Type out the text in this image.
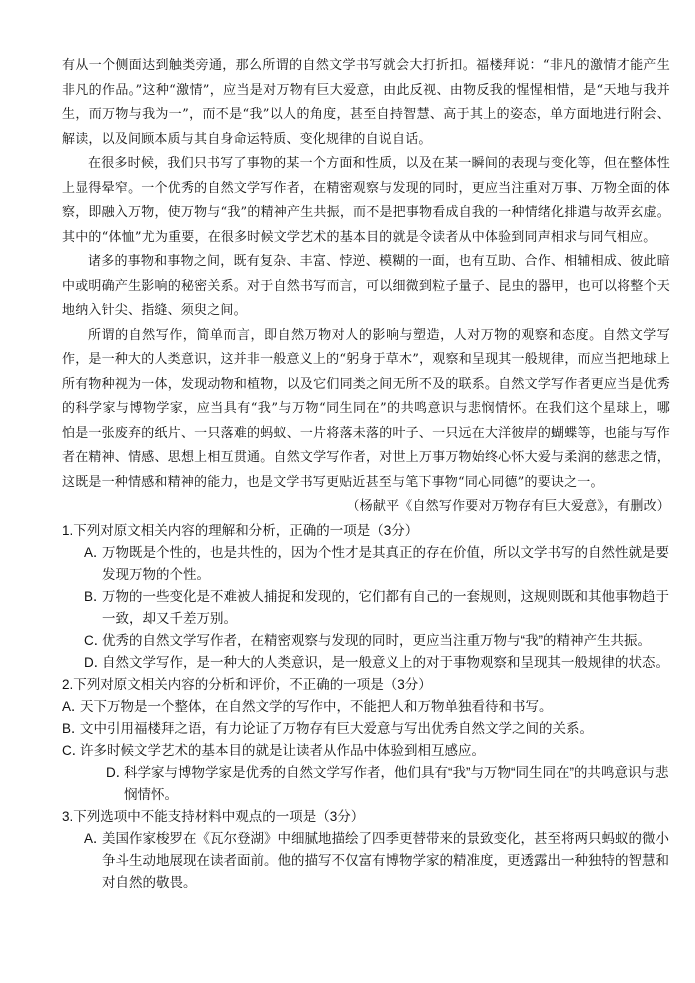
有从一个侧面达到触类旁通，那么所谓的自然文学书写就会大打折扣。福楼拜说：“非凡的激情才能产生非凡的作品。”这种“激情”，应当是对万物有巨大爱意，由此反视、由物反我的惺惺相惜，是“天地与我并生，而万物与我为一”，而不是“我”以人的角度，甚至自持智慧、高于其上的姿态，单方面地进行附会、解读，以及间顾本质与其自身命运特质、变化规律的自说自话。

在很多时候，我们只书写了事物的某一个方面和性质，以及在某一瞬间的表现与变化等，但在整体性上显得晕窄。一个优秀的自然文学写作者，在精密观察与发现的同时，更应当注重对万事、万物全面的体察，即融入万物，使万物与“我”的精神产生共振，而不是把事物看成自我的一种情绪化排遣与故弄玄虚。其中的“体恤”尤为重要，在很多时候文学艺术的基本目的就是令读者从中体验到同声相求与同气相应。

诸多的事物和事物之间，既有复杂、丰富、悖逆、模糊的一面，也有互助、合作、相辅相成、彼此暗中或明确产生影响的秘密关系。对于自然书写而言，可以细微到粒子量子、昆虫的器甲，也可以将整个天地纳入针尖、指缝、须臾之间。

所谓的自然写作，简单而言，即自然万物对人的影响与塑造，人对万物的观察和态度。自然文学写作，是一种大的人类意识，这并非一般意义上的“躬身于草木”，观察和呈现其一般规律，而应当把地球上所有物种视为一体，发现动物和植物，以及它们同类之间无所不及的联系。自然文学写作者更应当是优秀的科学家与博物学家，应当具有“我”与万物“同生同在”的共鸣意识与悲悯情怀。在我们这个星球上，哪怕是一张废弃的纸片、一只落难的蚂蚁、一片将落未落的叶子、一只远在大洋彼岸的蝴蝶等，也能与写作者在精神、情感、思想上相互贯通。自然文学写作者，对世上万事万物始终心怀大爱与柔润的慈悲之情，这既是一种情感和精神的能力，也是文学书写更贴近甚至与笔下事物“同心同德”的要诀之一。

（杨献平《自然写作要对万物存有巨大爱意》，有删改）

1.下列对原文相关内容的理解和分析，正确的一项是（3分）

A．万物既是个性的，也是共性的，因为个性才是其真正的存在价值，所以文学书写的自然性就是要发现万物的个性。

B．万物的一些变化是不难被人捕捉和发现的，它们都有自己的一套规则，这规则既和其他事物趋于一致，却又千差万别。

C．优秀的自然文学写作者，在精密观察与发现的同时，更应当注重万物与“我”的精神产生共振。

D．自然文学写作，是一种大的人类意识，是一般意义上的对于事物观察和呈现其一般规律的状态。

2.下列对原文相关内容的分析和评价，不正确的一项是（3分）

A．天下万物是一个整体，在自然文学的写作中，不能把人和万物单独看待和书写。

B．文中引用福楼拜之语，有力论证了万物存有巨大爱意与写出优秀自然文学之间的关系。

C．许多时候文学艺术的基本目的就是让读者从作品中体验到相互感应。

D．科学家与博物学家是优秀的自然文学写作者，他们具有“我”与万物“同生同在”的共鸣意识与悲悯情怀。

3.下列选项中不能支持材料中观点的一项是（3分）

A．美国作家梭罗在《瓦尔登湖》中细腻地描绘了四季更替带来的景致变化，甚至将两只蚂蚁的微小争斗生动地展现在读者面前。他的描写不仅富有博物学家的精准度，更透露出一种独特的智慧和对自然的敬畏。
